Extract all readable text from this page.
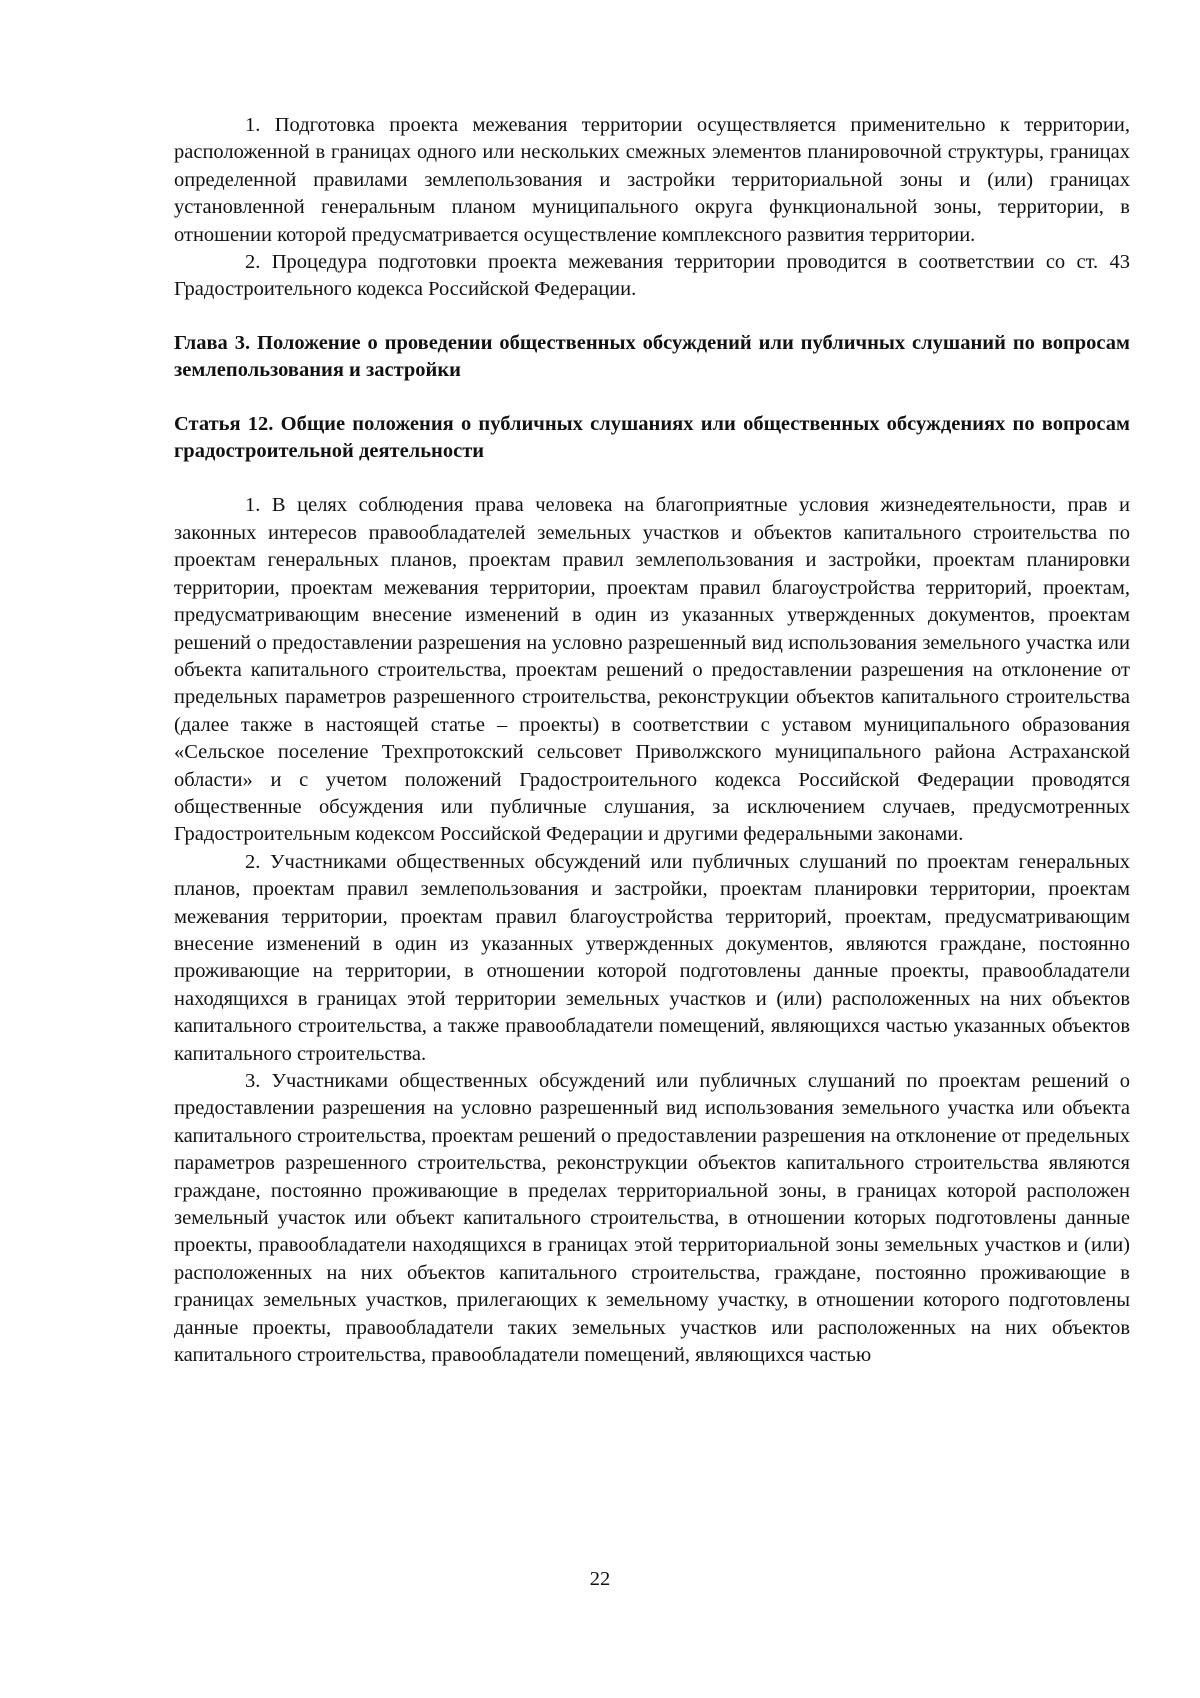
1. Подготовка проекта межевания территории осуществляется применительно к территории, расположенной в границах одного или нескольких смежных элементов планировочной структуры, границах определенной правилами землепользования и застройки территориальной зоны и (или) границах установленной генеральным планом муниципального округа функциональной зоны, территории, в отношении которой предусматривается осуществление комплексного развития территории.

2. Процедура подготовки проекта межевания территории проводится в соответствии со ст. 43 Градостроительного кодекса Российской Федерации.

Глава 3. Положение о проведении общественных обсуждений или публичных слушаний по вопросам землепользования и застройки

Статья 12. Общие положения о публичных слушаниях или общественных обсуждениях по вопросам градостроительной деятельности

1. В целях соблюдения права человека на благоприятные условия жизнедеятельности, прав и законных интересов правообладателей земельных участков и объектов капитального строительства по проектам генеральных планов, проектам правил землепользования и застройки, проектам планировки территории, проектам межевания территории, проектам правил благоустройства территорий, проектам, предусматривающим внесение изменений в один из указанных утвержденных документов, проектам решений о предоставлении разрешения на условно разрешенный вид использования земельного участка или объекта капитального строительства, проектам решений о предоставлении разрешения на отклонение от предельных параметров разрешенного строительства, реконструкции объектов капитального строительства (далее также в настоящей статье – проекты) в соответствии с уставом муниципального образования «Сельское поселение Трехпротокский сельсовет Приволжского муниципального района Астраханской области» и с учетом положений Градостроительного кодекса Российской Федерации проводятся общественные обсуждения или публичные слушания, за исключением случаев, предусмотренных Градостроительным кодексом Российской Федерации и другими федеральными законами.

2. Участниками общественных обсуждений или публичных слушаний по проектам генеральных планов, проектам правил землепользования и застройки, проектам планировки территории, проектам межевания территории, проектам правил благоустройства территорий, проектам, предусматривающим внесение изменений в один из указанных утвержденных документов, являются граждане, постоянно проживающие на территории, в отношении которой подготовлены данные проекты, правообладатели находящихся в границах этой территории земельных участков и (или) расположенных на них объектов капитального строительства, а также правообладатели помещений, являющихся частью указанных объектов капитального строительства.

3. Участниками общественных обсуждений или публичных слушаний по проектам решений о предоставлении разрешения на условно разрешенный вид использования земельного участка или объекта капитального строительства, проектам решений о предоставлении разрешения на отклонение от предельных параметров разрешенного строительства, реконструкции объектов капитального строительства являются граждане, постоянно проживающие в пределах территориальной зоны, в границах которой расположен земельный участок или объект капитального строительства, в отношении которых подготовлены данные проекты, правообладатели находящихся в границах этой территориальной зоны земельных участков и (или) расположенных на них объектов капитального строительства, граждане, постоянно проживающие в границах земельных участков, прилегающих к земельному участку, в отношении которого подготовлены данные проекты, правообладатели таких земельных участков или расположенных на них объектов капитального строительства, правообладатели помещений, являющихся частью

22
